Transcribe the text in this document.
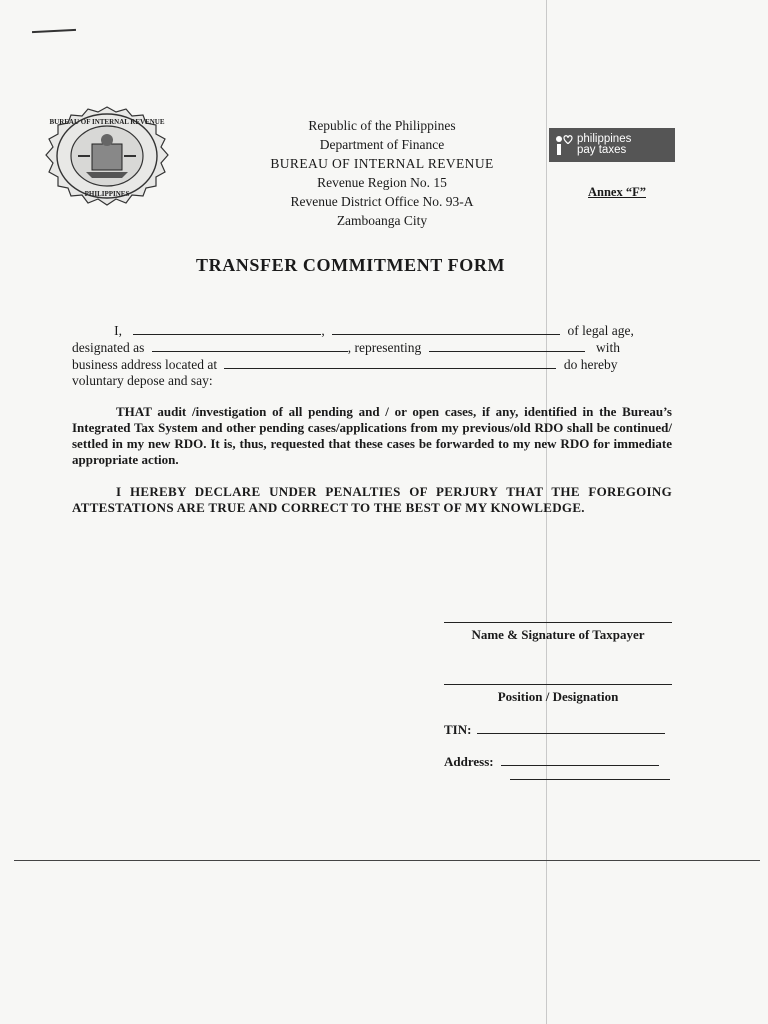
BUREAU OF INTERNAL REVENUE
PHILIPPINES
Republic of the Philippines
Department of Finance
BUREAU OF INTERNAL REVENUE
Revenue Region No. 15
Revenue District Office No. 93-A
Zamboanga City
philippines
pay taxes
Annex “F”
TRANSFER COMMITMENT FORM
I,	,	of legal age,
designated as	, representing	with
business address located at	do hereby
voluntary depose and say:
THAT audit /investigation of all pending and / or open cases, if any, identified in the Bureau’s Integrated Tax System and other pending cases/applications from my previous/old RDO shall be continued/ settled in my new RDO. It is, thus, requested that these cases be forwarded to my new RDO for immediate appropriate action.
I HEREBY DECLARE UNDER PENALTIES OF PERJURY THAT THE FOREGOING ATTESTATIONS ARE TRUE AND CORRECT TO THE BEST OF MY KNOWLEDGE.
Name & Signature of Taxpayer
Position / Designation
TIN:
Address:
